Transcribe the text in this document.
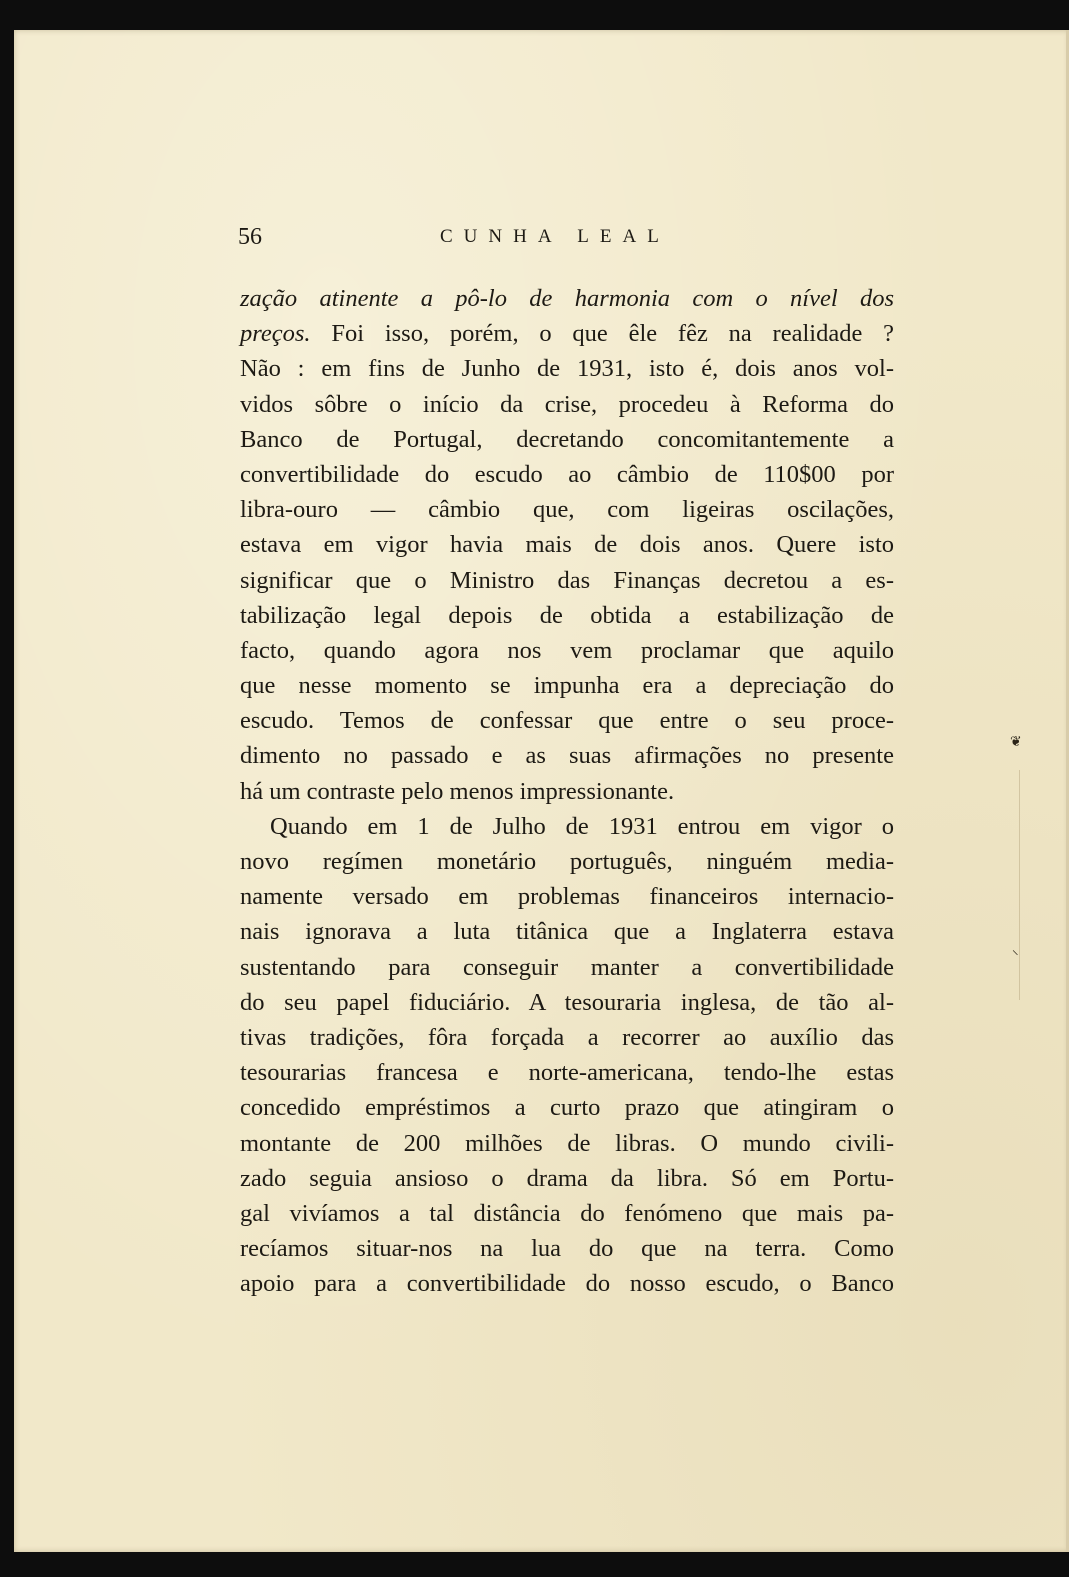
❦
⸜
56	CUNHA LEAL
zação atinente a pô-lo de harmonia com o nível dos
preços. Foi isso, porém, o que êle fêz na realidade ?
Não : em fins de Junho de 1931, isto é, dois anos vol-
vidos sôbre o início da crise, procedeu à Reforma do
Banco de Portugal, decretando concomitantemente a
convertibilidade do escudo ao câmbio de 110$00 por
libra-ouro — câmbio que, com ligeiras oscilações,
estava em vigor havia mais de dois anos. Quere isto
significar que o Ministro das Finanças decretou a es-
tabilização legal depois de obtida a estabilização de
facto, quando agora nos vem proclamar que aquilo
que nesse momento se impunha era a depreciação do
escudo. Temos de confessar que entre o seu proce-
dimento no passado e as suas afirmações no presente
há um contraste pelo menos impressionante.
Quando em 1 de Julho de 1931 entrou em vigor o
novo regímen monetário português, ninguém media-
namente versado em problemas financeiros internacio-
nais ignorava a luta titânica que a Inglaterra estava
sustentando para conseguir manter a convertibilidade
do seu papel fiduciário. A tesouraria inglesa, de tão al-
tivas tradições, fôra forçada a recorrer ao auxílio das
tesourarias francesa e norte-americana, tendo-lhe estas
concedido empréstimos a curto prazo que atingiram o
montante de 200 milhões de libras. O mundo civili-
zado seguia ansioso o drama da libra. Só em Portu-
gal vivíamos a tal distância do fenómeno que mais pa-
recíamos situar-nos na lua do que na terra. Como
apoio para a convertibilidade do nosso escudo, o Banco
